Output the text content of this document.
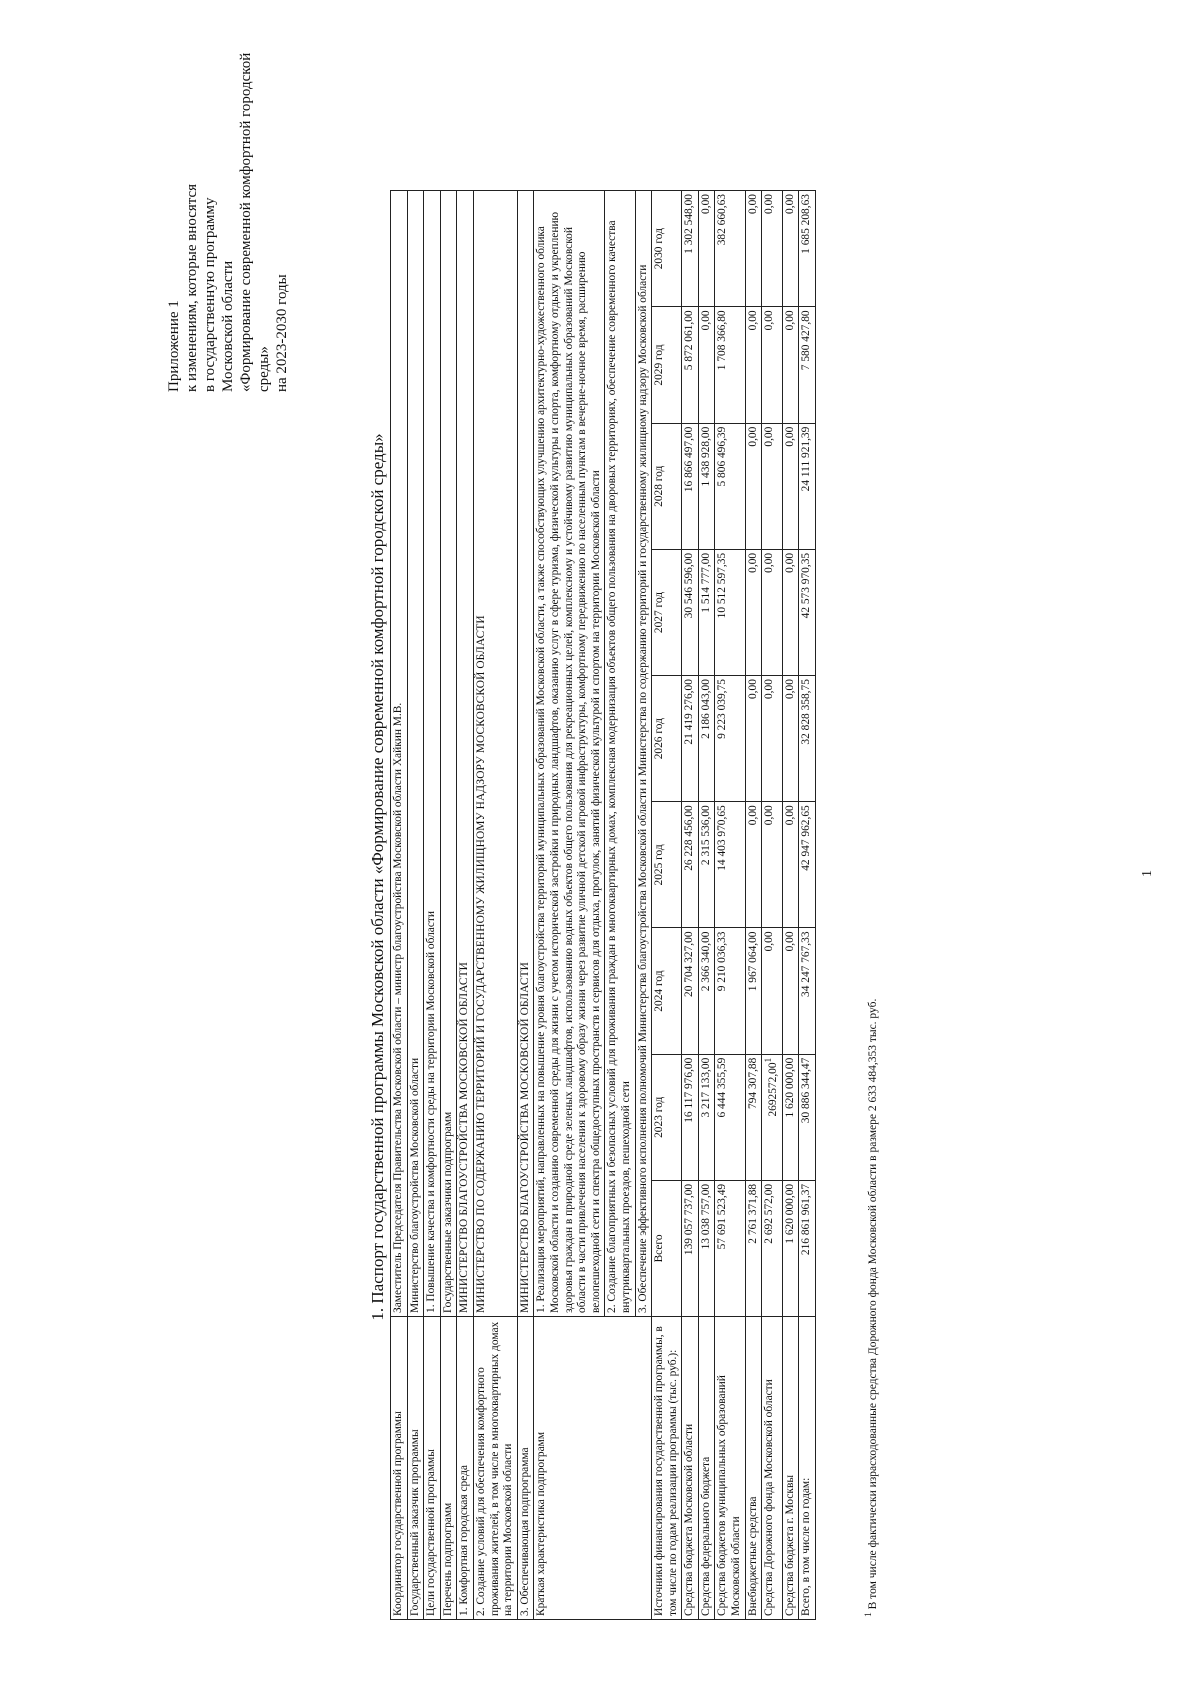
Приложение 1 к изменениям, которые вносятся в государственную программу Московской области «Формирование современной комфортной городской среды» на 2023-2030 годы
1. Паспорт государственной программы Московской области «Формирование современной комфортной городской среды»
Координатор государственной программы	Заместитель Председателя Правительства Московской области – министр благоустройства Московской области Хайкин М.В.								
Государственный заказчик программы	Министерство благоустройства Московской области								
Цели государственной программы	1. Повышение качества и комфортности среды на территории Московской области								
Перечень подпрограмм	Государственные заказчики подпрограмм								
1. Комфортная городская среда	МИНИСТЕРСТВО БЛАГОУСТРОЙСТВА МОСКОВСКОЙ ОБЛАСТИ								
2. Создание условий для обеспечения комфортного проживания жителей, в том числе в многоквартирных домах на территории Московской области	МИНИСТЕРСТВО ПО СОДЕРЖАНИЮ ТЕРРИТОРИЙ И ГОСУДАРСТВЕННОМУ ЖИЛИЩНОМУ НАДЗОРУ МОСКОВСКОЙ ОБЛАСТИ								
3. Обеспечивающая подпрограмма	МИНИСТЕРСТВО БЛАГОУСТРОЙСТВА МОСКОВСКОЙ ОБЛАСТИ								
Краткая характеристика подпрограмм	1. Реализация мероприятий, направленных на повышение уровня благоустройства территорий муниципальных образований Московской области, а также способствующих улучшению архитектурно-художественного облика Московской области и созданию современной среды для жизни с учетом исторической застройки и природных ландшафтов, оказанию услуг в сфере туризма, физической культуры и спорта, комфортному отдыху и укреплению здоровья граждан в природной среде зеленых ландшафтов, использованию водных объектов общего пользования для рекреационных целей, комплексному и устойчивому развитию муниципальных образований Московской области в части привлечения населения к здоровому образу жизни через развитие уличной детской игровой инфраструктуры, комфортному передвижению по населенным пунктам в вечерне-ночное время, расширению велопешеходной сети и спектра общедоступных пространств и сервисов для отдыха, прогулок, занятий физической культурой и спортом на территории Московской области								
	2. Создание благоприятных и безопасных условий для проживания граждан в многоквартирных домах, комплексная модернизация объектов общего пользования на дворовых территориях, обеспечение современного качества внутриквартальных проездов, пешеходной сети								
	3. Обеспечение эффективного исполнения полномочий Министерства благоустройства Московской области и Министерства по содержанию территорий и государственному жилищному надзору Московской области								
Источники финансирования государственной программы, в том числе по годам реализации программы (тыс. руб.):	Всего	2023 год	2024 год	2025 год	2026 год	2027 год	2028 год	2029 год	2030 год
Средства бюджета Московской области	139 057 737,00	16 117 976,00	20 704 327,00	26 228 456,00	21 419 276,00	30 546 596,00	16 866 497,00	5 872 061,00	1 302 548,00
Средства федерального бюджета	13 038 757,00	3 217 133,00	2 366 340,00	2 315 536,00	2 186 043,00	1 514 777,00	1 438 928,00	0,00	0,00
Средства бюджетов муниципальных образований Московской области	57 691 523,49	6 444 355,59	9 210 036,33	14 403 970,65	9 223 039,75	10 512 597,35	5 806 496,39	1 708 366,80	382 660,63
Внебюджетные средства	2 761 371,88	794 307,88	1 967 064,00	0,00	0,00	0,00	0,00	0,00	0,00
Средства Дорожного фонда Московской области	2 692 572,00	2692572,00$^1$	0,00	0,00	0,00	0,00	0,00	0,00	0,00
Средства бюджета г. Москвы	1 620 000,00	1 620 000,00	0,00	0,00	0,00	0,00	0,00	0,00	0,00
Всего, в том числе по годам:	216 861 961,37	30 886 344,47	34 247 767,33	42 947 962,65	32 828 358,75	42 573 970,35	24 111 921,39	7 580 427,80	1 685 208,63
$^1$ В том числе фактически израсходованные средства Дорожного фонда Московской области в размере 2 633 484,353 тыс. руб.
1
